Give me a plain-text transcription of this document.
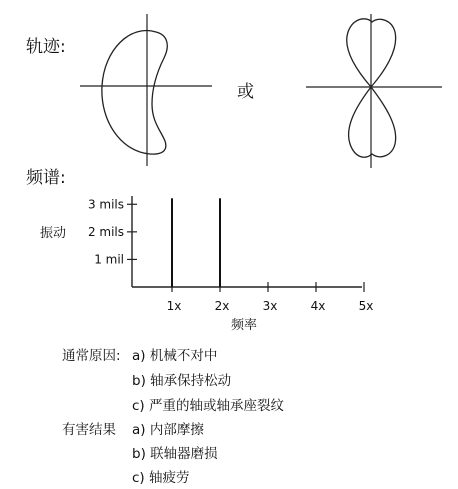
轨迹:
或
频谱:
1 mil
2 mils
3 mils
1x	2x	3x	4x	5x
振动
频率
通常原因: a) 机械不对中
b) 轴承保持松动
c) 严重的轴或轴承座裂纹
有害结果 a) 内部摩擦
b) 联轴器磨损
c) 轴疲劳
